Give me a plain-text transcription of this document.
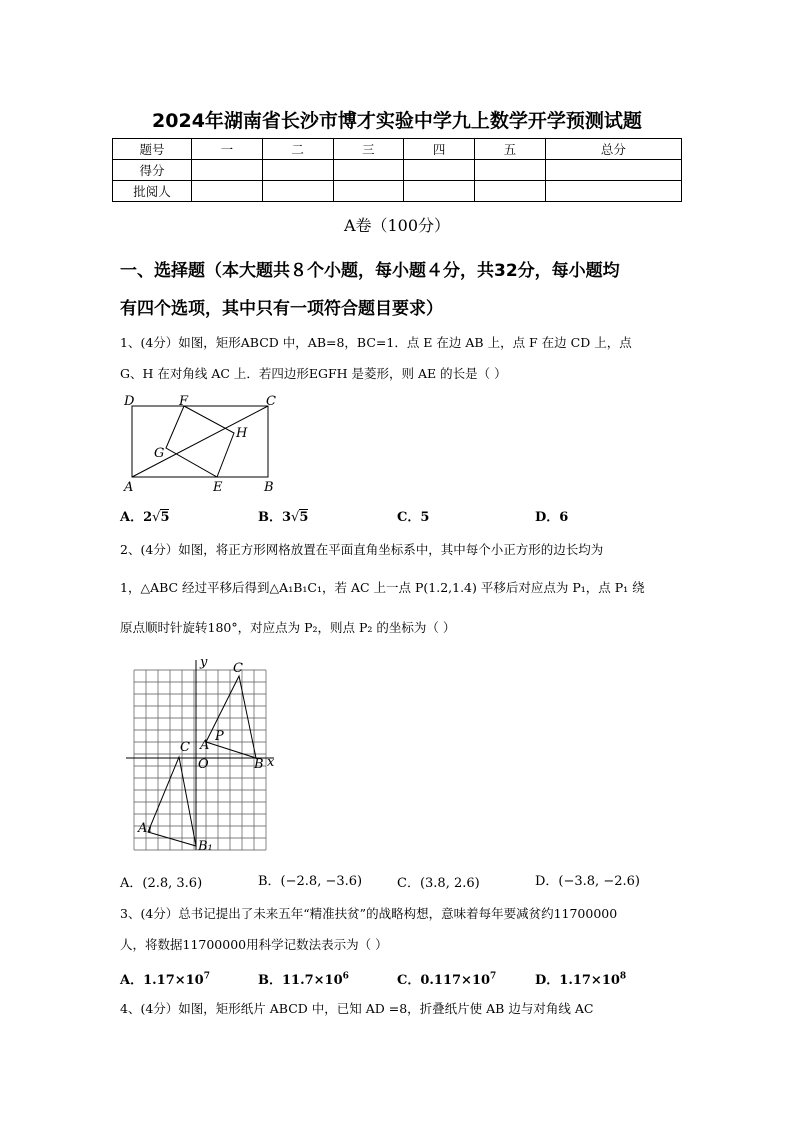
2024年湖南省长沙市博才实验中学九上数学开学预测试题
题号	一	二	三	四	五	总分
得分						
批阅人						
A卷（100分）
一、选择题（本大题共８个小题，每小题４分，共32分，每小题均
有四个选项，其中只有一项符合题目要求）
1、(4分）如图，矩形ABCD 中，AB=8，BC=1．点 E 在边 AB 上，点 F 在边 CD 上，点
G、H 在对角线 AC 上．若四边形EGFH 是菱形，则 AE 的长是（ ）
D	F	C
H
G
A	E	B
A．2√5	B．3√5	C．5	D．6
2、(4分）如图，将正方形网格放置在平面直角坐标系中，其中每个小正方形的边长均为
1，△ABC 经过平移后得到△A₁B₁C₁，若 AC 上一点 P(1.2,1.4) 平移后对应点为 P₁，点 P₁ 绕
原点顺时针旋转180°，对应点为 P₂，则点 P₂ 的坐标为（ ）
y
x
O
A
B
C
P
C
A₁
B₁
A．(2.8, 3.6)	B．(−2.8, −3.6)	C．(3.8, 2.6)	D．(−3.8, −2.6)
3、(4分）总书记提出了未来五年“精准扶贫”的战略构想，意味着每年要减贫约11700000
人，将数据11700000用科学记数法表示为（ ）
A．$1.17\times 10^7$	B．$11.7\times 10^6$	C．$0.117\times 10^7$	D．$1.17\times 10^8$
4、(4分）如图，矩形纸片 ABCD 中，已知 AD =8，折叠纸片使 AB 边与对角线 AC
